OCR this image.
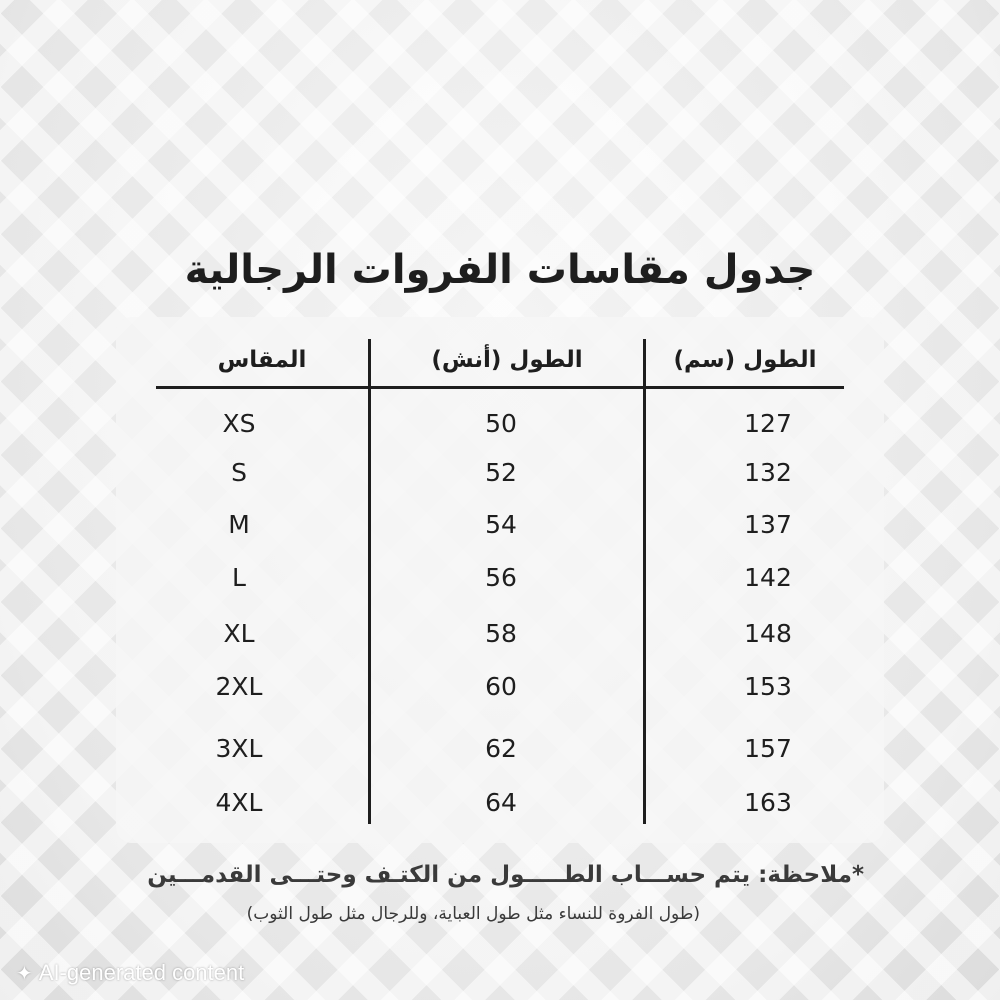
جدول مقاسات الفروات الرجالية
المقاس	الطول (أنش)	الطول (سم)
XS	50	127
S	52	132
M	54	137
L	56	142
XL	58	148
2XL	60	153
3XL	62	157
4XL	64	163
*ملاحظة: يتم حســـاب الطـــــول من الكتـف وحتـــى القدمـــين
(طول الفروة للنساء مثل طول العباية، وللرجال مثل طول الثوب)
✦ AI-generated content
